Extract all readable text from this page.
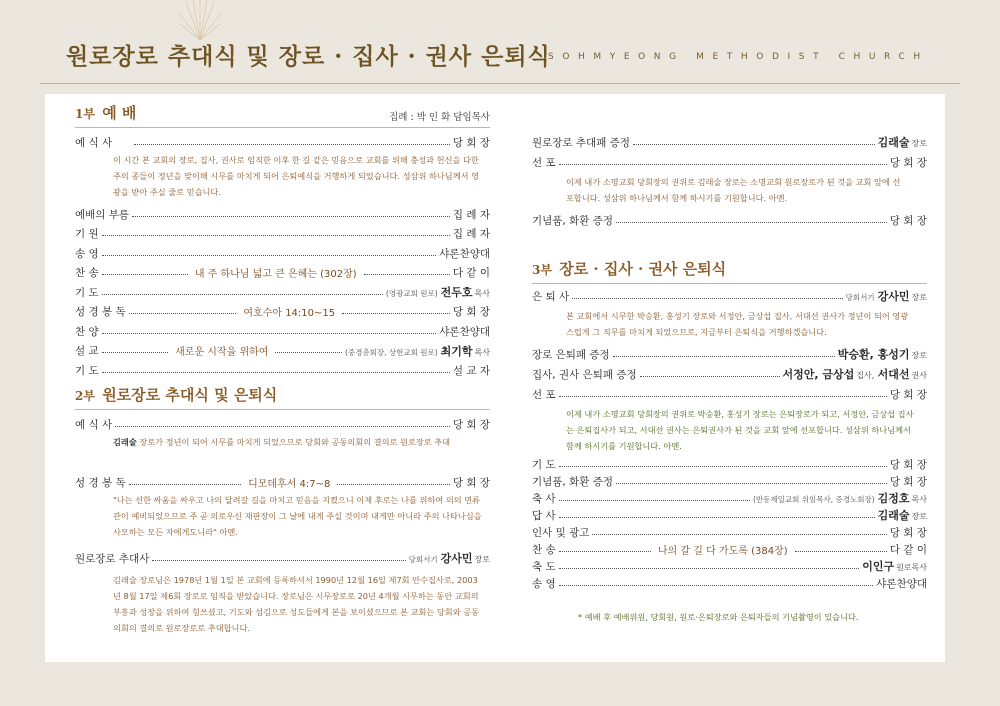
원로장로 추대식 및 장로 · 집사 · 권사 은퇴식
SOHMYEONG METHODIST CHURCH
1부 예 배	집례 : 박 인 화 담임목사
예 식 사	당 회 장
이 시간 본 교회의 장로, 집사, 권사로 임직한 이후 한 길 같은 믿음으로 교회를 위해 충성과 헌신을 다한 주의 종들이 정년을 맞이해 시무를 마치게 되어 은퇴예식을 거행하게 되었습니다. 성삼위 하나님께서 영광을 받아 주실 줄로 믿습니다.
예배의 부름	집 례 자
기 원	집 례 자
송 영	샤론찬양대
찬 송	내 주 하나님 넓고 큰 은혜는 (302장)	다 같 이
기 도	(영광교회 원로) 전두호 목사
성 경 봉 독	여호수아 14:10~15	당 회 장
찬 양	샤론찬양대
설 교	새로운 시작을 위하여	(중경총회장, 상현교회 원로) 최기학 목사
기 도	설 교 자
2부 원로장로 추대식 및 은퇴식
예 식 사	당 회 장
김래술 장로가 정년이 되어 시무를 마치게 되었으므로 당회와 공동의회의 결의로 원로장로 추대
성 경 봉 독	디모데후서 4:7~8	당 회 장
"나는 선한 싸움을 싸우고 나의 달려갈 길을 마치고 믿음을 지켰으니 이제 후로는 나를 위하여 의의 면류관이 예비되었으므로 주 곧 의로우신 재판장이 그 날에 내게 주실 것이며 내게만 아니라 주의 나타나심을 사모하는 모든 자에게도니라" 아멘.
원로장로 추대사	당회서기 강사민 장로
김래술 장로님은 1978년 1월 1일 본 교회에 등록하셔서 1990년 12월 16일 제7회 안수집사로, 2003년 8월 17일 제6회 장로로 임직을 받았습니다. 장로님은 시무장로로 20년 4개월 시무하는 동안 교회의 부흥과 성장을 위하여 힘쓰셨고, 기도와 섬김으로 성도들에게 본을 보이셨으므로 본 교회는 당회와 공동의회의 결의로 원로장로로 추대합니다.
원로장로 추대패 증정	김래술 장로
선 포	당 회 장
이제 내가 소명교회 당회장의 권위로 김래술 장로는 소명교회 원로장로가 된 것을 교회 앞에 선포합니다. 성삼위 하나님께서 함께 하시기를 기원합니다. 아멘.
기념품, 화환 증정	당 회 장
3부 장로 · 집사 · 권사 은퇴식
은 퇴 사	당회서기 강사민 장로
본 교회에서 시무한 박승환, 홍성기 장로와 서정안, 금상섭 집사, 서대선 권사가 정년이 되어 영광스럽게 그 직무를 마치게 되었으므로, 지금부터 은퇴식을 거행하겠습니다.
장로 은퇴패 증정	박승환, 홍성기 장로
집사, 권사 은퇴패 증정	서정안, 금상섭 집사, 서대선 권사
선 포	당 회 장
이제 내가 소명교회 당회장의 권위로 박승환, 홍성기 장로는 은퇴장로가 되고, 서정안, 금상섭 집사는 은퇴집사가 되고, 서대선 권사는 은퇴권사가 된 것을 교회 앞에 선포합니다. 성삼위 하나님께서 함께 하시기를 기원합니다. 아멘.
기 도	당 회 장
기념품, 화환 증정	당 회 장
축 사	(반동제일교회 위임목사, 증경노회장) 김정호 목사
답 사	김래술 장로
인사 및 광고	당 회 장
찬 송	나의 갈 길 다 가도록 (384장)	다 같 이
축 도	이인구 원로목사
송 영	샤론찬양대
* 예배 후 예배위원, 당회원, 원로·은퇴장로와 은퇴자들의 기념촬영이 있습니다.
